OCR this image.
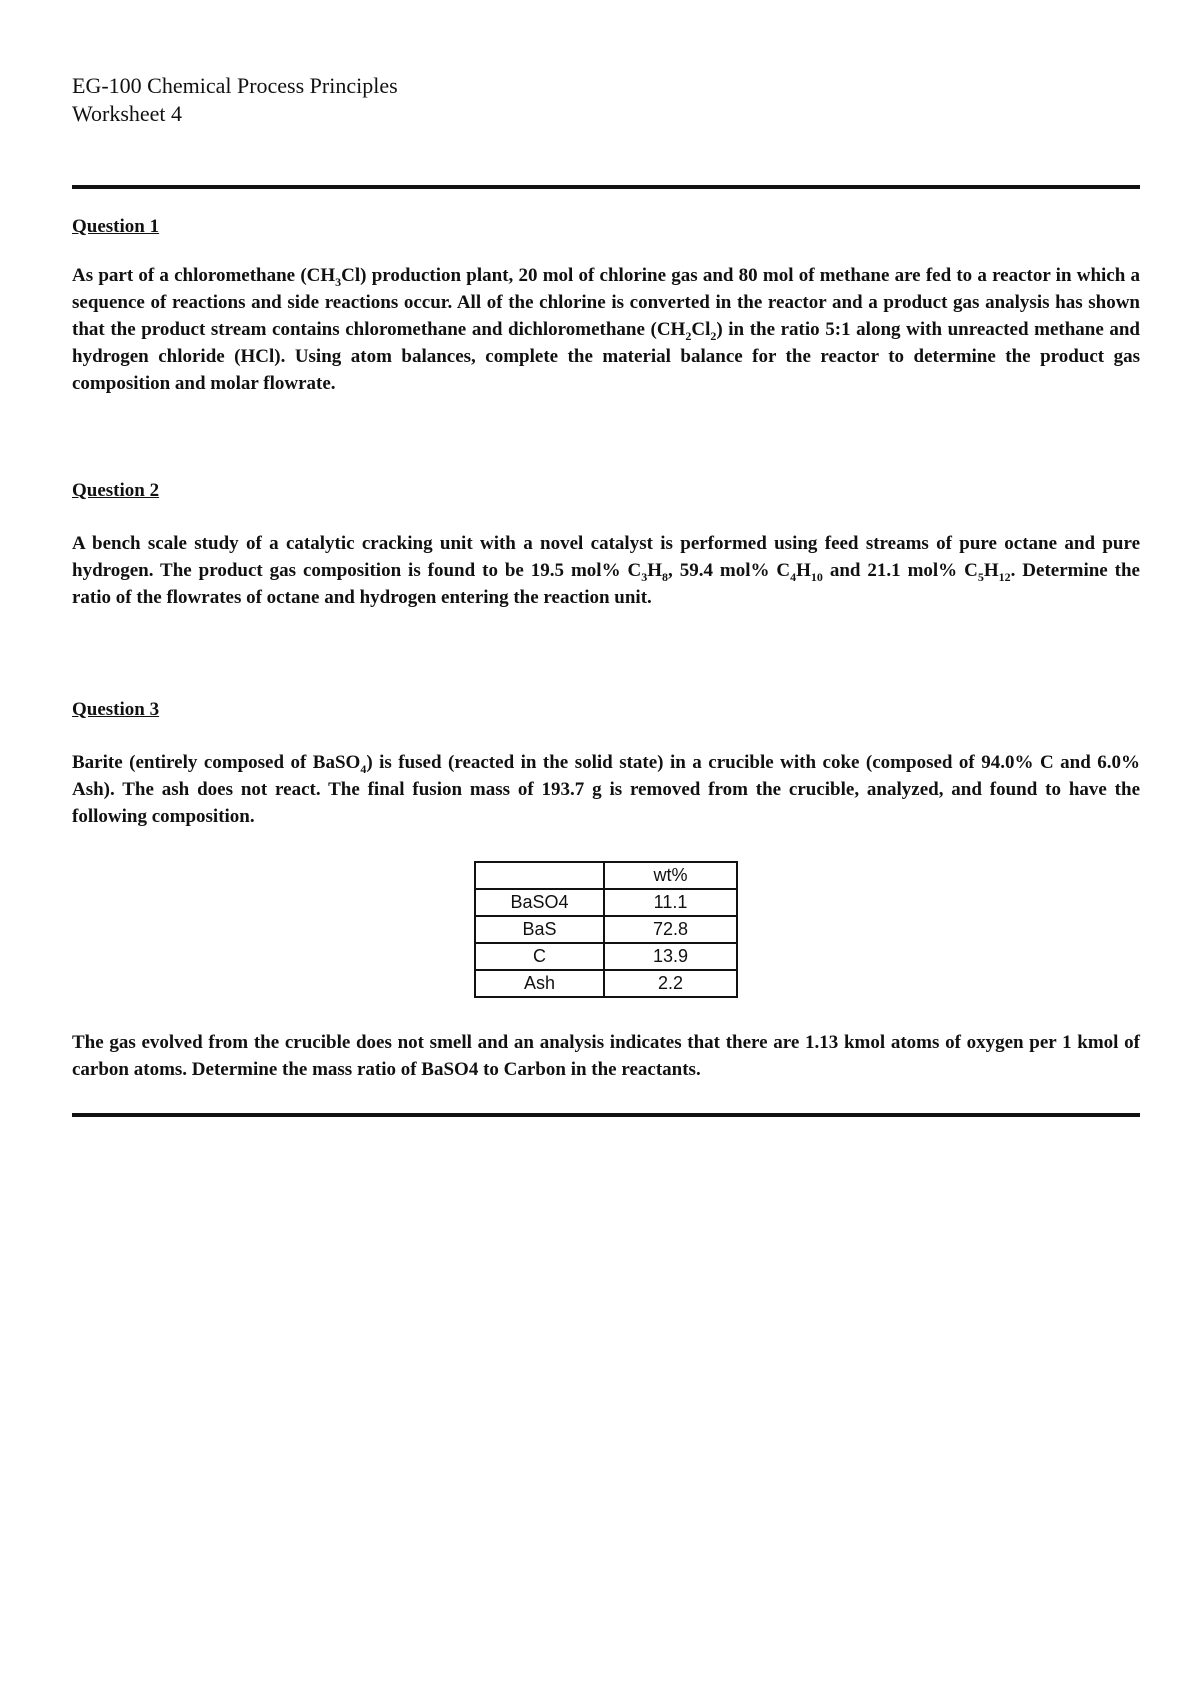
EG-100 Chemical Process Principles
Worksheet 4
Question 1
As part of a chloromethane $(CH_3Cl)$ production plant, 20 mol of chlorine gas and 80 mol of methane are fed to a reactor in which a sequence of reactions and side reactions occur. All of the chlorine is converted in the reactor and a product gas analysis has shown that the product stream contains chloromethane and dichloromethane $(CH_2Cl_2)$ in the ratio 5:1 along with unreacted methane and hydrogen chloride (HCl). Using atom balances, complete the material balance for the reactor to determine the product gas composition and molar flowrate.
Question 2
A bench scale study of a catalytic cracking unit with a novel catalyst is performed using feed streams of pure octane and pure hydrogen. The product gas composition is found to be 19.5 mol% $C_3H_8$, 59.4 mol% $C_4H_{10}$ and 21.1 mol% $C_5H_{12}$. Determine the ratio of the flowrates of octane and hydrogen entering the reaction unit.
Question 3
Barite (entirely composed of BaSO$_4$) is fused (reacted in the solid state) in a crucible with coke (composed of 94.0% C and 6.0% Ash). The ash does not react. The final fusion mass of 193.7 g is removed from the crucible, analyzed, and found to have the following composition.
	wt%
BaSO4	11.1
BaS	72.8
C	13.9
Ash	2.2
The gas evolved from the crucible does not smell and an analysis indicates that there are 1.13 kmol atoms of oxygen per 1 kmol of carbon atoms. Determine the mass ratio of BaSO4 to Carbon in the reactants.
